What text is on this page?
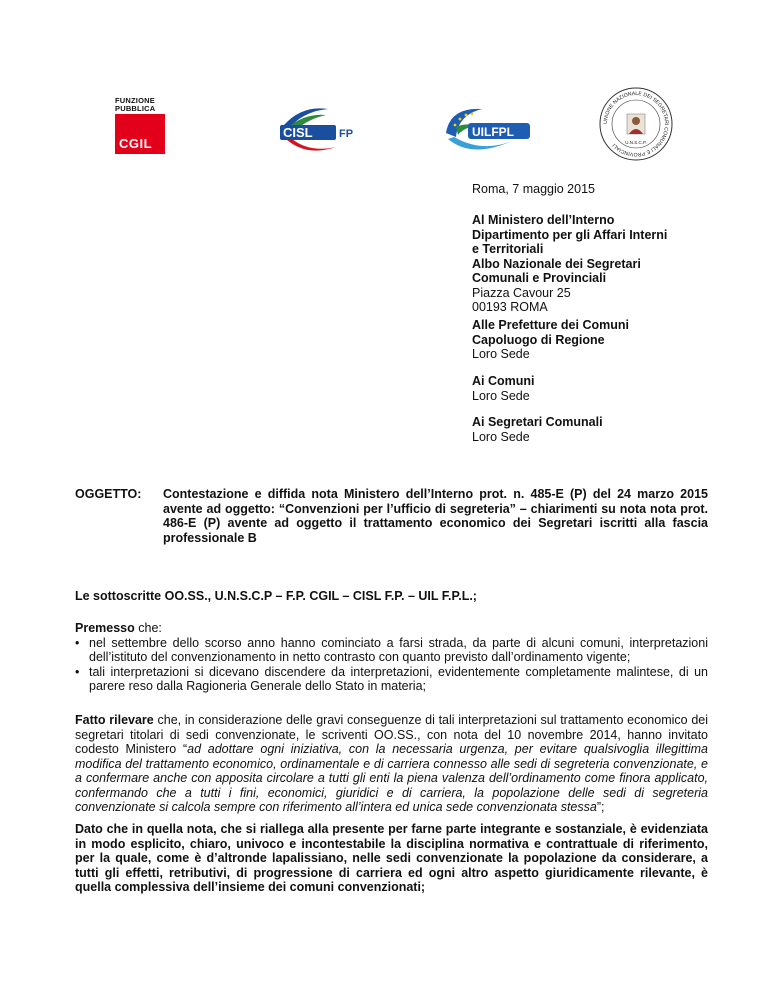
FUNZIONE
PUBBLICA
CGIL
CISL FP	UILFPL
UNIONE NAZIONALE DEI SEGRETARI COMUNALI E PROVINCIALI	U.N.S.C.P.
Roma, 7 maggio 2015
Al Ministero dell’Interno
Dipartimento per gli Affari Interni
e Territoriali
Albo Nazionale dei Segretari
Comunali e Provinciali
Piazza Cavour 25
00193 ROMA
Alle Prefetture dei Comuni
Capoluogo di Regione
Loro Sede
Ai Comuni
Loro Sede
Ai Segretari Comunali
Loro Sede
OGGETTO: Contestazione e diffida nota Ministero dell’Interno prot. n. 485-E (P) del 24 marzo 2015 avente ad oggetto: “Convenzioni per l’ufficio di segreteria” – chiarimenti su nota nota prot. 486-E (P) avente ad oggetto il trattamento economico dei Segretari iscritti alla fascia professionale B
Le sottoscritte OO.SS., U.N.S.C.P – F.P. CGIL – CISL F.P. – UIL F.P.L.;
Premesso che:
• nel settembre dello scorso anno hanno cominciato a farsi strada, da parte di alcuni comuni, interpretazioni dell’istituto del convenzionamento in netto contrasto con quanto previsto dall’ordinamento vigente;
• tali interpretazioni si dicevano discendere da interpretazioni, evidentemente completamente malintese, di un parere reso dalla Ragioneria Generale dello Stato in materia;
Fatto rilevare che, in considerazione delle gravi conseguenze di tali interpretazioni sul trattamento economico dei segretari titolari di sedi convenzionate, le scriventi OO.SS., con nota del 10 novembre 2014, hanno invitato codesto Ministero “ad adottare ogni iniziativa, con la necessaria urgenza, per evitare qualsivoglia illegittima modifica del trattamento economico, ordinamentale e di carriera connesso alle sedi di segreteria convenzionate, e a confermare anche con apposita circolare a tutti gli enti la piena valenza dell’ordinamento come finora applicato, confermando che a tutti i fini, economici, giuridici e di carriera, la popolazione delle sedi di segreteria convenzionate si calcola sempre con riferimento all’intera ed unica sede convenzionata stessa”;
Dato che in quella nota, che si riallega alla presente per farne parte integrante e sostanziale, è evidenziata in modo esplicito, chiaro, univoco e incontestabile la disciplina normativa e contrattuale di riferimento, per la quale, come è d’altronde lapalissiano, nelle sedi convenzionate la popolazione da considerare, a tutti gli effetti, retributivi, di progressione di carriera ed ogni altro aspetto giuridicamente rilevante, è quella complessiva dell’insieme dei comuni convenzionati;
